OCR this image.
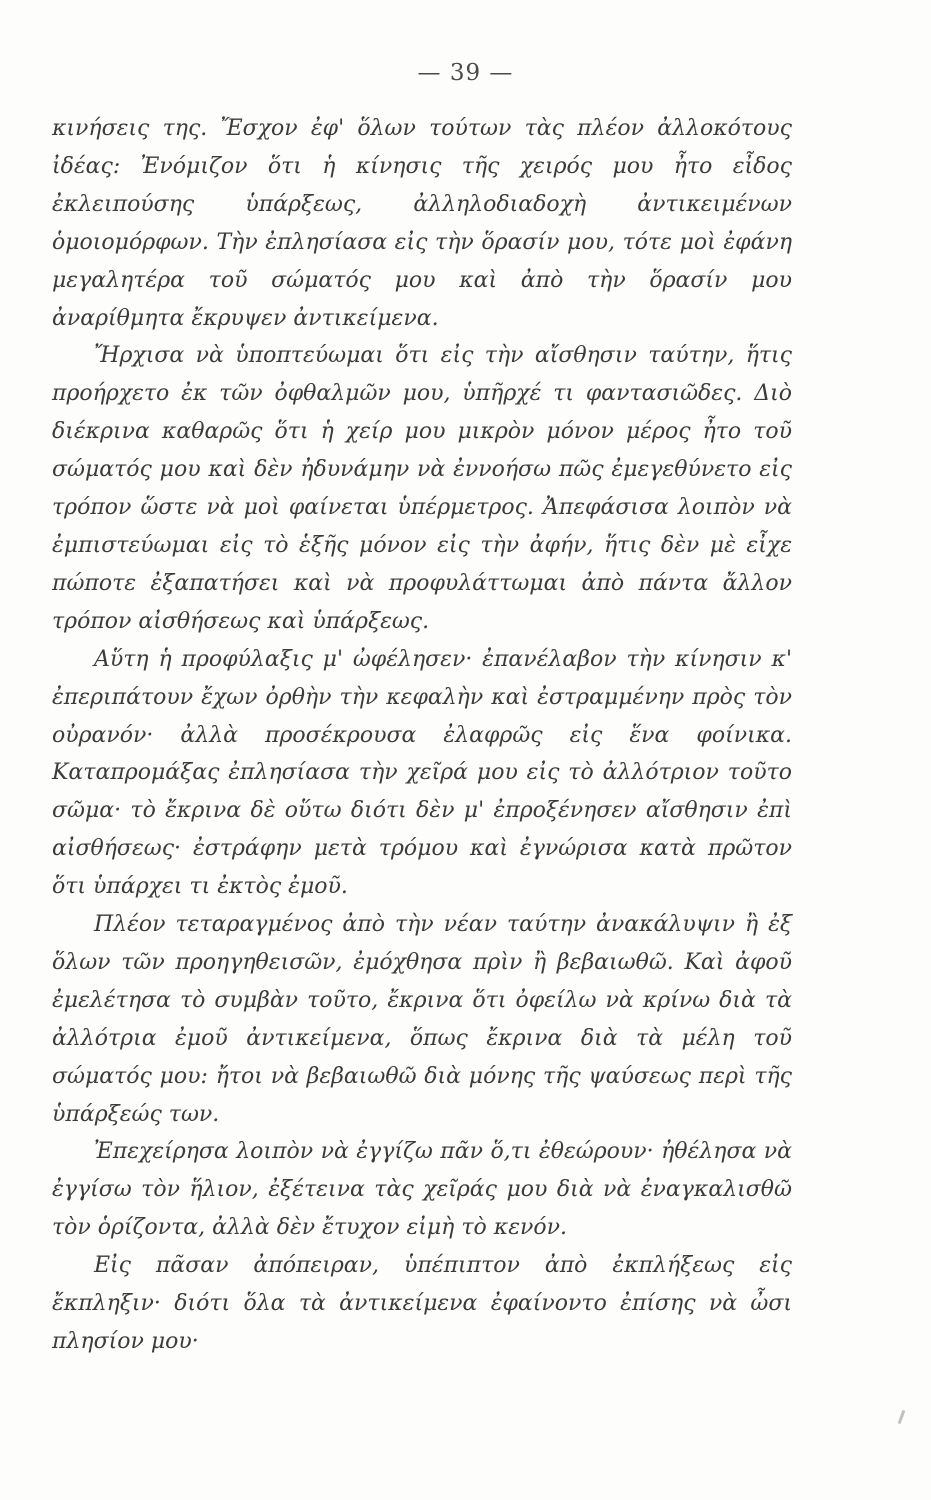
— 39 —
κινήσεις της. Ἔσχον ἐφ' ὅλων τούτων τὰς πλέον ἀλλοκότους ἰδέας: Ἐνόμιζον ὅτι ἡ κίνησις τῆς χειρός μου ἦτο εἶδος ἐκλειπούσης ὑπάρξεως, ἀλληλοδιαδοχὴ ἀντικειμένων ὁμοιομόρφων. Τὴν ἐπλησίασα εἰς τὴν ὅρασίν μου, τότε μοὶ ἐφάνη μεγαλητέρα τοῦ σώματός μου καὶ ἀπὸ τὴν ὅρασίν μου ἀναρίθμητα ἔκρυψεν ἀντικείμενα.
Ἤρχισα νὰ ὑποπτεύωμαι ὅτι εἰς τὴν αἴσθησιν ταύτην, ἥτις προήρχετο ἐκ τῶν ὀφθαλμῶν μου, ὑπῆρχέ τι φαντασιῶδες. Διὸ διέκρινα καθαρῶς ὅτι ἡ χείρ μου μικρὸν μόνον μέρος ἦτο τοῦ σώματός μου καὶ δὲν ἠδυνάμην νὰ ἐννοήσω πῶς ἐμεγεθύνετο εἰς τρόπον ὥστε νὰ μοὶ φαίνεται ὑπέρμετρος. Ἀπεφάσισα λοιπὸν νὰ ἐμπιστεύωμαι εἰς τὸ ἑξῆς μόνον εἰς τὴν ἀφήν, ἥτις δὲν μὲ εἶχε πώποτε ἐξαπατήσει καὶ νὰ προφυλάττωμαι ἀπὸ πάντα ἄλλον τρόπον αἰσθήσεως καὶ ὑπάρξεως.
Αὕτη ἡ προφύλαξις μ' ὠφέλησεν· ἐπανέλαβον τὴν κίνησιν κ' ἐπεριπάτουν ἔχων ὀρθὴν τὴν κεφαλὴν καὶ ἐστραμμένην πρὸς τὸν οὐρανόν· ἀλλὰ προσέκρουσα ἐλαφρῶς εἰς ἕνα φοίνικα. Καταπρομάξας ἐπλησίασα τὴν χεῖρά μου εἰς τὸ ἀλλότριον τοῦτο σῶμα· τὸ ἔκρινα δὲ οὕτω διότι δὲν μ' ἐπροξένησεν αἴσθησιν ἐπὶ αἰσθήσεως· ἐστράφην μετὰ τρόμου καὶ ἐγνώρισα κατὰ πρῶτον ὅτι ὑπάρχει τι ἐκτὸς ἐμοῦ.
Πλέον τεταραγμένος ἀπὸ τὴν νέαν ταύτην ἀνακάλυψιν ἢ ἐξ ὅλων τῶν προηγηθεισῶν, ἐμόχθησα πρὶν ἢ βεβαιωθῶ. Καὶ ἀφοῦ ἐμελέτησα τὸ συμβὰν τοῦτο, ἔκρινα ὅτι ὀφείλω νὰ κρίνω διὰ τὰ ἀλλότρια ἐμοῦ ἀντικείμενα, ὅπως ἔκρινα διὰ τὰ μέλη τοῦ σώματός μου: ἤτοι νὰ βεβαιωθῶ διὰ μόνης τῆς ψαύσεως περὶ τῆς ὑπάρξεώς των.
Ἐπεχείρησα λοιπὸν νὰ ἐγγίζω πᾶν ὅ,τι ἐθεώρουν· ἠθέλησα νὰ ἐγγίσω τὸν ἥλιον, ἐξέτεινα τὰς χεῖράς μου διὰ νὰ ἐναγκαλισθῶ τὸν ὁρίζοντα, ἀλλὰ δὲν ἔτυχον εἰμὴ τὸ κενόν.
Εἰς πᾶσαν ἀπόπειραν, ὑπέπιπτον ἀπὸ ἐκπλήξεως εἰς ἔκπληξιν· διότι ὅλα τὰ ἀντικείμενα ἐφαίνοντο ἐπίσης νὰ ὦσι πλησίον μου·
